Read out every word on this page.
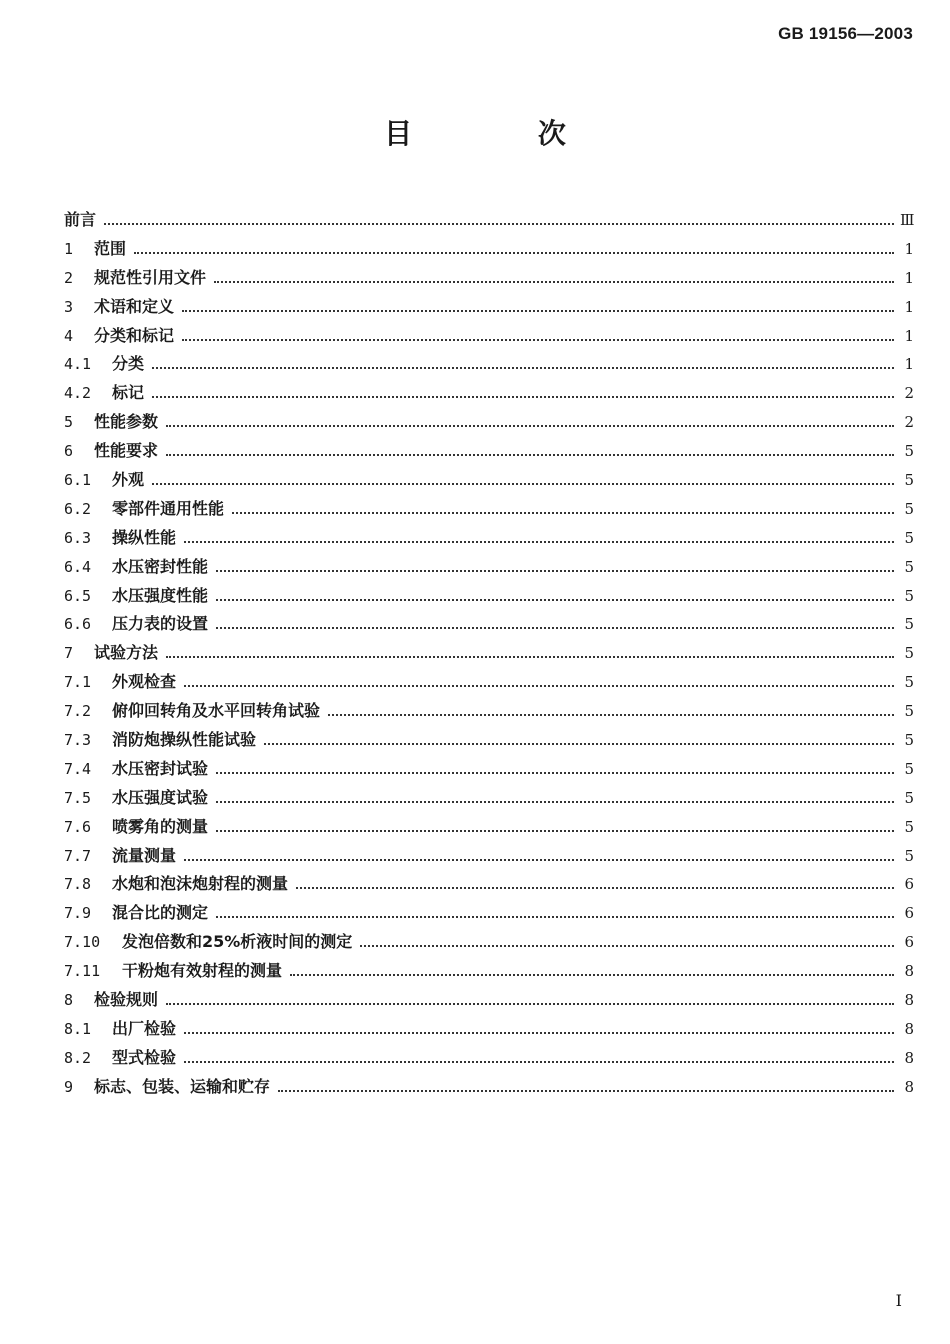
GB 19156—2003
目 次
前言	Ⅲ
1	范围	1
2	规范性引用文件	1
3	术语和定义	1
4	分类和标记	1
4.1	分类	1
4.2	标记	2
5	性能参数	2
6	性能要求	5
6.1	外观	5
6.2	零部件通用性能	5
6.3	操纵性能	5
6.4	水压密封性能	5
6.5	水压强度性能	5
6.6	压力表的设置	5
7	试验方法	5
7.1	外观检查	5
7.2	俯仰回转角及水平回转角试验	5
7.3	消防炮操纵性能试验	5
7.4	水压密封试验	5
7.5	水压强度试验	5
7.6	喷雾角的测量	5
7.7	流量测量	5
7.8	水炮和泡沫炮射程的测量	6
7.9	混合比的测定	6
7.10	发泡倍数和25%析液时间的测定	6
7.11	干粉炮有效射程的测量	8
8	检验规则	8
8.1	出厂检验	8
8.2	型式检验	8
9	标志、包装、运输和贮存	8
I
